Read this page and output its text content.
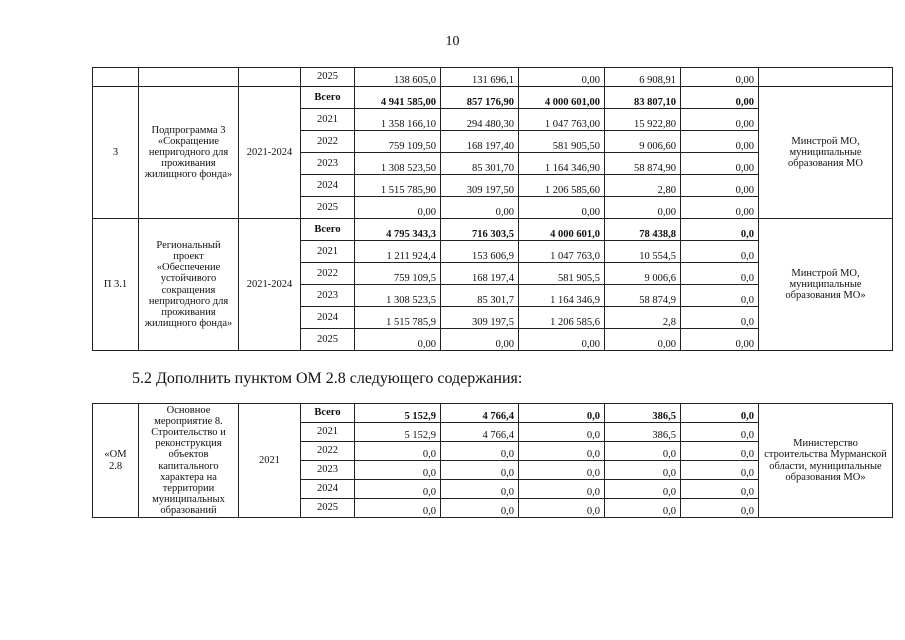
10
			2025	138 605,0	131 696,1	0,00	6 908,91	0,00	
3	Подпрограмма 3 «Сокращение непригодного для проживания жилищного фонда»	2021-2024	Всего	4 941 585,00	857 176,90	4 000 601,00	83 807,10	0,00	Минстрой МО, муниципальные образования МО
			2021	1 358 166,10	294 480,30	1 047 763,00	15 922,80	0,00	
			2022	759 109,50	168 197,40	581 905,50	9 006,60	0,00	
			2023	1 308 523,50	85 301,70	1 164 346,90	58 874,90	0,00	
			2024	1 515 785,90	309 197,50	1 206 585,60	2,80	0,00	
			2025	0,00	0,00	0,00	0,00	0,00	
П 3.1	Региональный проект «Обеспечение устойчивого сокращения непригодного для проживания жилищного фонда»	2021-2024	Всего	4 795 343,3	716 303,5	4 000 601,0	78 438,8	0,0	Минстрой МО, муниципальные образования МО»
			2021	1 211 924,4	153 606,9	1 047 763,0	10 554,5	0,0	
			2022	759 109,5	168 197,4	581 905,5	9 006,6	0,0	
			2023	1 308 523,5	85 301,7	1 164 346,9	58 874,9	0,0	
			2024	1 515 785,9	309 197,5	1 206 585,6	2,8	0,0	
			2025	0,00	0,00	0,00	0,00	0,00	
5.2 Дополнить пунктом ОМ 2.8 следующего содержания:
«ОМ 2.8	Основное мероприятие 8. Строительство и реконструкция объектов капитального характера на территории муниципальных образований	2021	Всего	5 152,9	4 766,4	0,0	386,5	0,0	Министерство строительства Мурманской области, муниципальные образования МО»
			2021	5 152,9	4 766,4	0,0	386,5	0,0	
			2022	0,0	0,0	0,0	0,0	0,0	
			2023	0,0	0,0	0,0	0,0	0,0	
			2024	0,0	0,0	0,0	0,0	0,0	
			2025	0,0	0,0	0,0	0,0	0,0	
